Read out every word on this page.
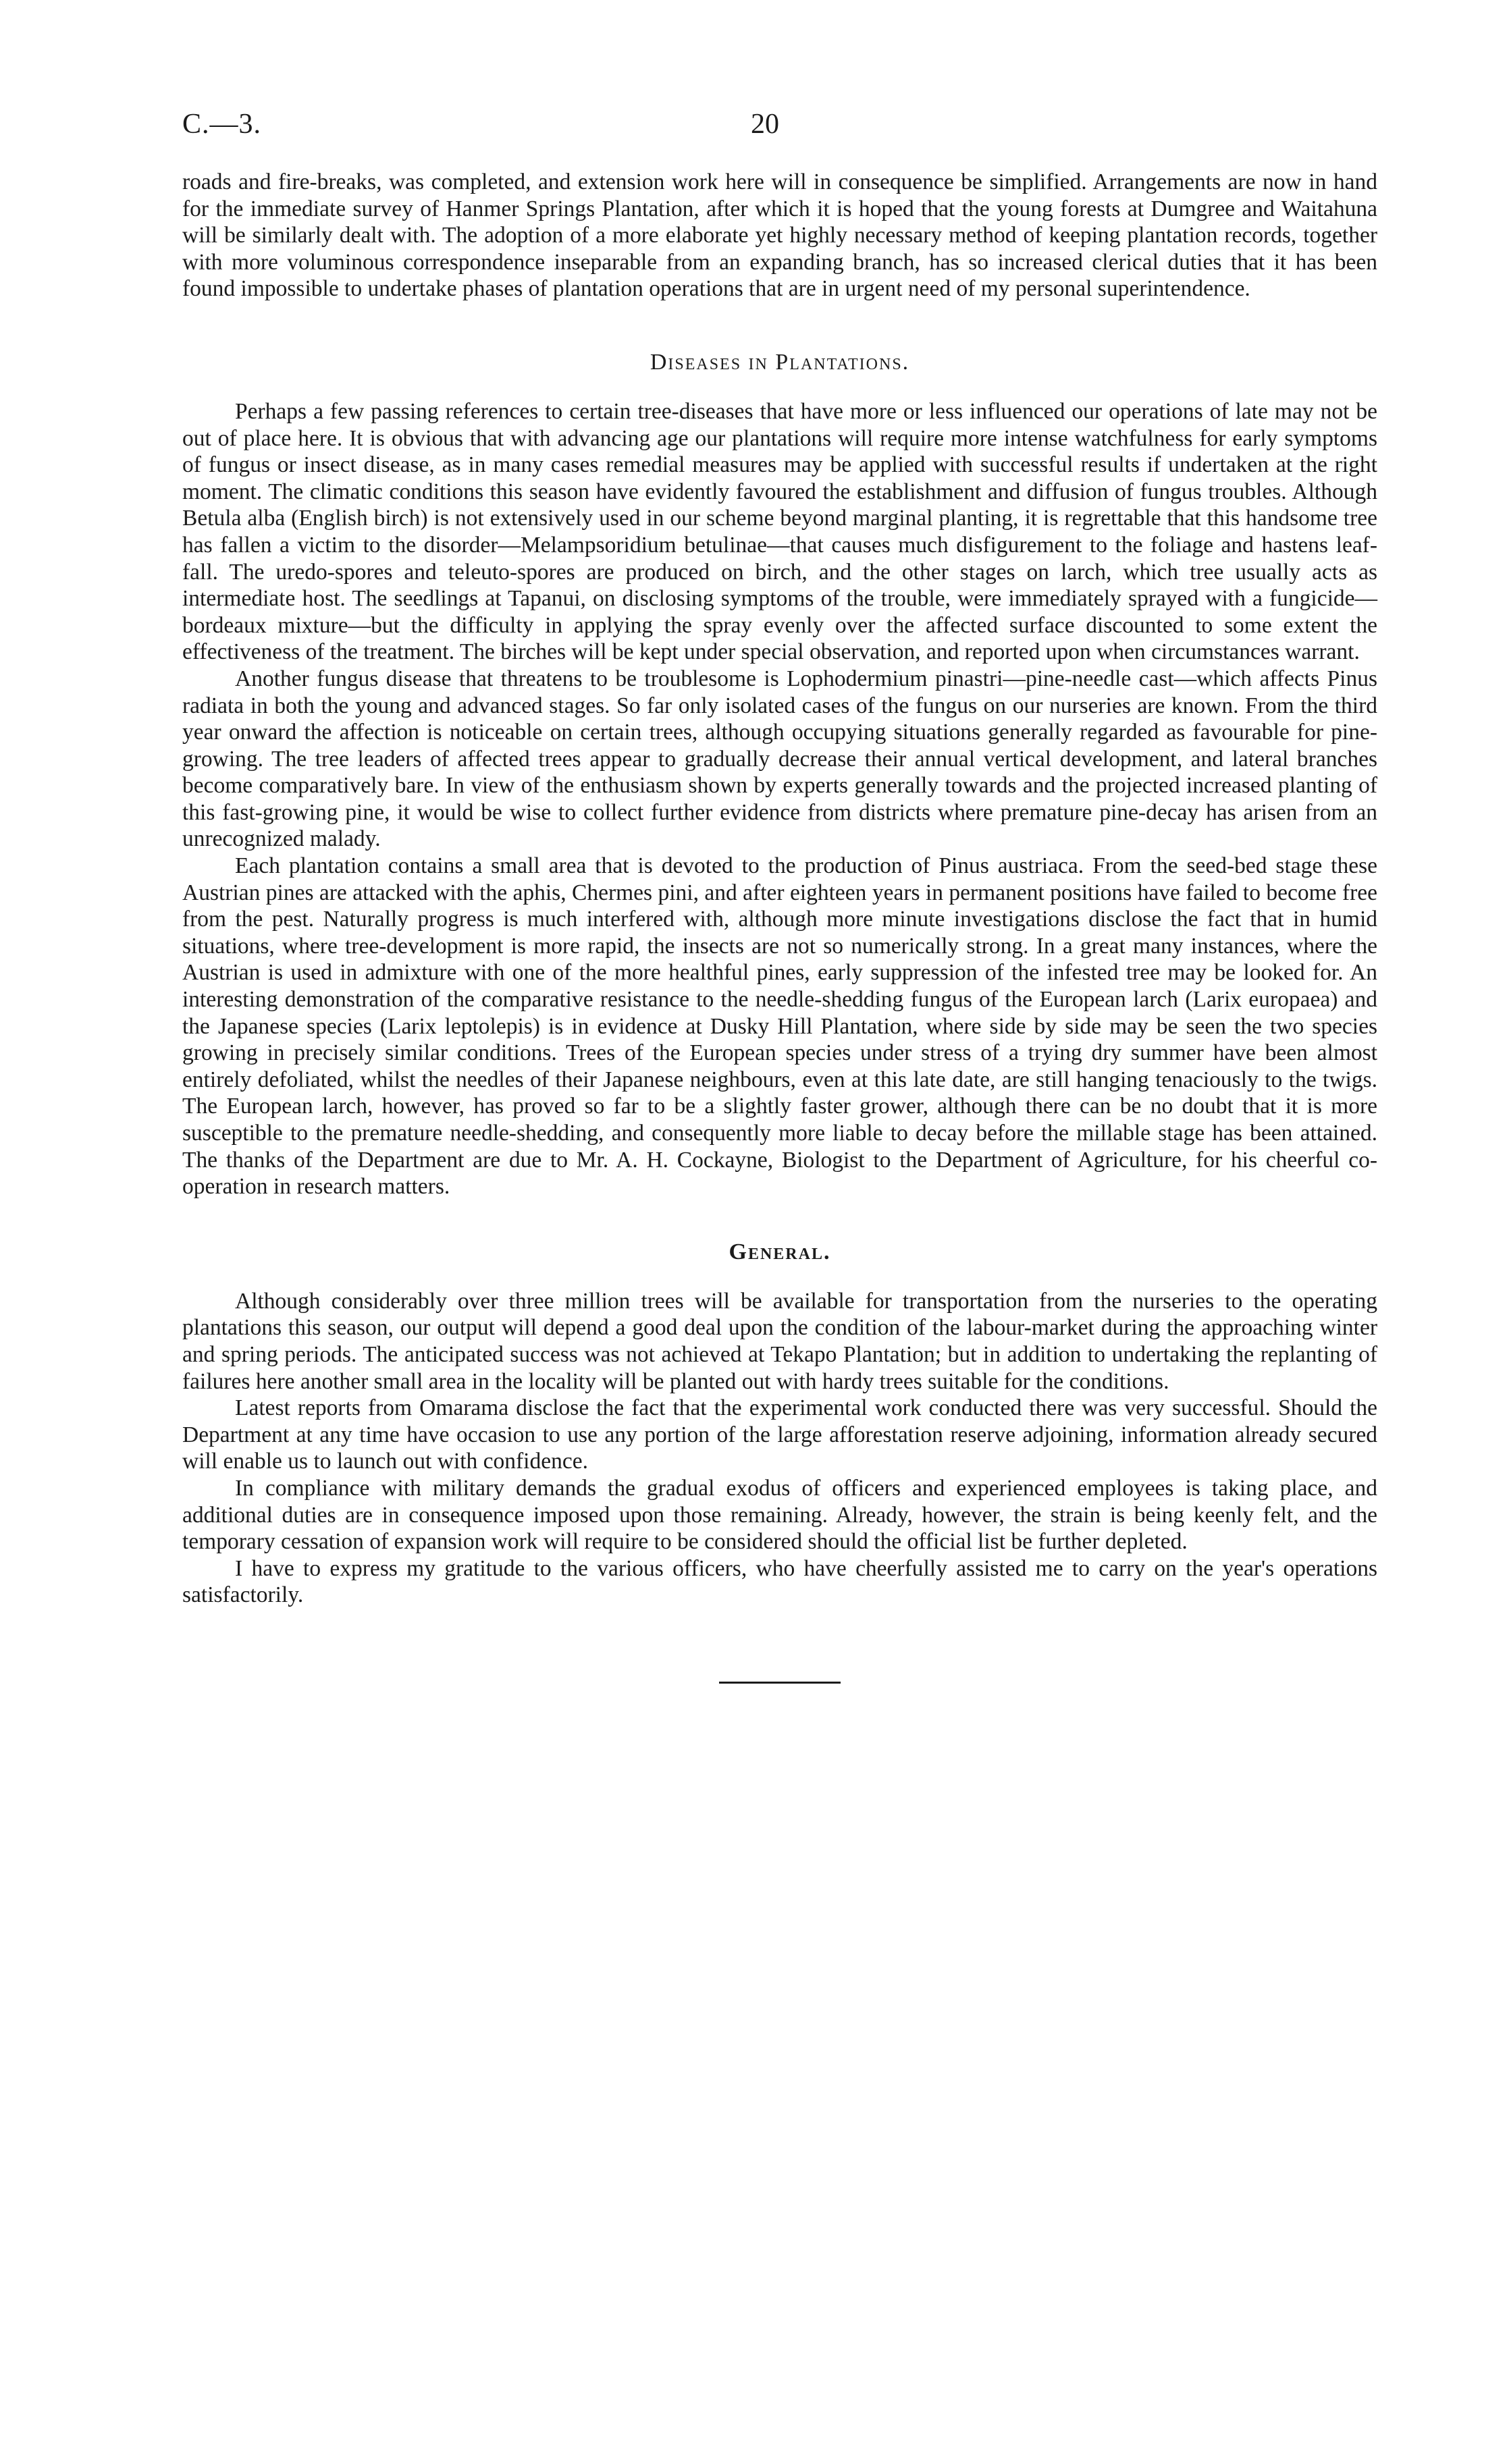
C.—3.	20

roads and fire-breaks, was completed, and extension work here will in consequence be simplified. Arrangements are now in hand for the immediate survey of Hanmer Springs Plantation, after which it is hoped that the young forests at Dumgree and Waitahuna will be similarly dealt with. The adoption of a more elaborate yet highly necessary method of keeping plantation records, together with more voluminous correspondence inseparable from an expanding branch, has so increased clerical duties that it has been found impossible to undertake phases of plantation operations that are in urgent need of my personal superintendence.

Diseases in Plantations.

Perhaps a few passing references to certain tree-diseases that have more or less influenced our operations of late may not be out of place here. It is obvious that with advancing age our plantations will require more intense watchfulness for early symptoms of fungus or insect disease, as in many cases remedial measures may be applied with successful results if undertaken at the right moment. The climatic conditions this season have evidently favoured the establishment and diffusion of fungus troubles. Although Betula alba (English birch) is not extensively used in our scheme beyond marginal planting, it is regrettable that this handsome tree has fallen a victim to the disorder—Melampsoridium betulinae—that causes much disfigurement to the foliage and hastens leaf-fall. The uredo-spores and teleuto-spores are produced on birch, and the other stages on larch, which tree usually acts as intermediate host. The seedlings at Tapanui, on disclosing symptoms of the trouble, were immediately sprayed with a fungicide—bordeaux mixture—but the difficulty in applying the spray evenly over the affected surface discounted to some extent the effectiveness of the treatment. The birches will be kept under special observation, and reported upon when circumstances warrant.

Another fungus disease that threatens to be troublesome is Lophodermium pinastri—pine-needle cast—which affects Pinus radiata in both the young and advanced stages. So far only isolated cases of the fungus on our nurseries are known. From the third year onward the affection is noticeable on certain trees, although occupying situations generally regarded as favourable for pine-growing. The tree leaders of affected trees appear to gradually decrease their annual vertical development, and lateral branches become comparatively bare. In view of the enthusiasm shown by experts generally towards and the projected increased planting of this fast-growing pine, it would be wise to collect further evidence from districts where premature pine-decay has arisen from an unrecognized malady.

Each plantation contains a small area that is devoted to the production of Pinus austriaca. From the seed-bed stage these Austrian pines are attacked with the aphis, Chermes pini, and after eighteen years in permanent positions have failed to become free from the pest. Naturally progress is much interfered with, although more minute investigations disclose the fact that in humid situations, where tree-development is more rapid, the insects are not so numerically strong. In a great many instances, where the Austrian is used in admixture with one of the more healthful pines, early suppression of the infested tree may be looked for. An interesting demonstration of the comparative resistance to the needle-shedding fungus of the European larch (Larix europaea) and the Japanese species (Larix leptolepis) is in evidence at Dusky Hill Plantation, where side by side may be seen the two species growing in precisely similar conditions. Trees of the European species under stress of a trying dry summer have been almost entirely defoliated, whilst the needles of their Japanese neighbours, even at this late date, are still hanging tenaciously to the twigs. The European larch, however, has proved so far to be a slightly faster grower, although there can be no doubt that it is more susceptible to the premature needle-shedding, and consequently more liable to decay before the millable stage has been attained. The thanks of the Department are due to Mr. A. H. Cockayne, Biologist to the Department of Agriculture, for his cheerful co-operation in research matters.

General.

Although considerably over three million trees will be available for transportation from the nurseries to the operating plantations this season, our output will depend a good deal upon the condition of the labour-market during the approaching winter and spring periods. The anticipated success was not achieved at Tekapo Plantation; but in addition to undertaking the replanting of failures here another small area in the locality will be planted out with hardy trees suitable for the conditions.

Latest reports from Omarama disclose the fact that the experimental work conducted there was very successful. Should the Department at any time have occasion to use any portion of the large afforestation reserve adjoining, information already secured will enable us to launch out with confidence.

In compliance with military demands the gradual exodus of officers and experienced employees is taking place, and additional duties are in consequence imposed upon those remaining. Already, however, the strain is being keenly felt, and the temporary cessation of expansion work will require to be considered should the official list be further depleted.

I have to express my gratitude to the various officers, who have cheerfully assisted me to carry on the year's operations satisfactorily.
